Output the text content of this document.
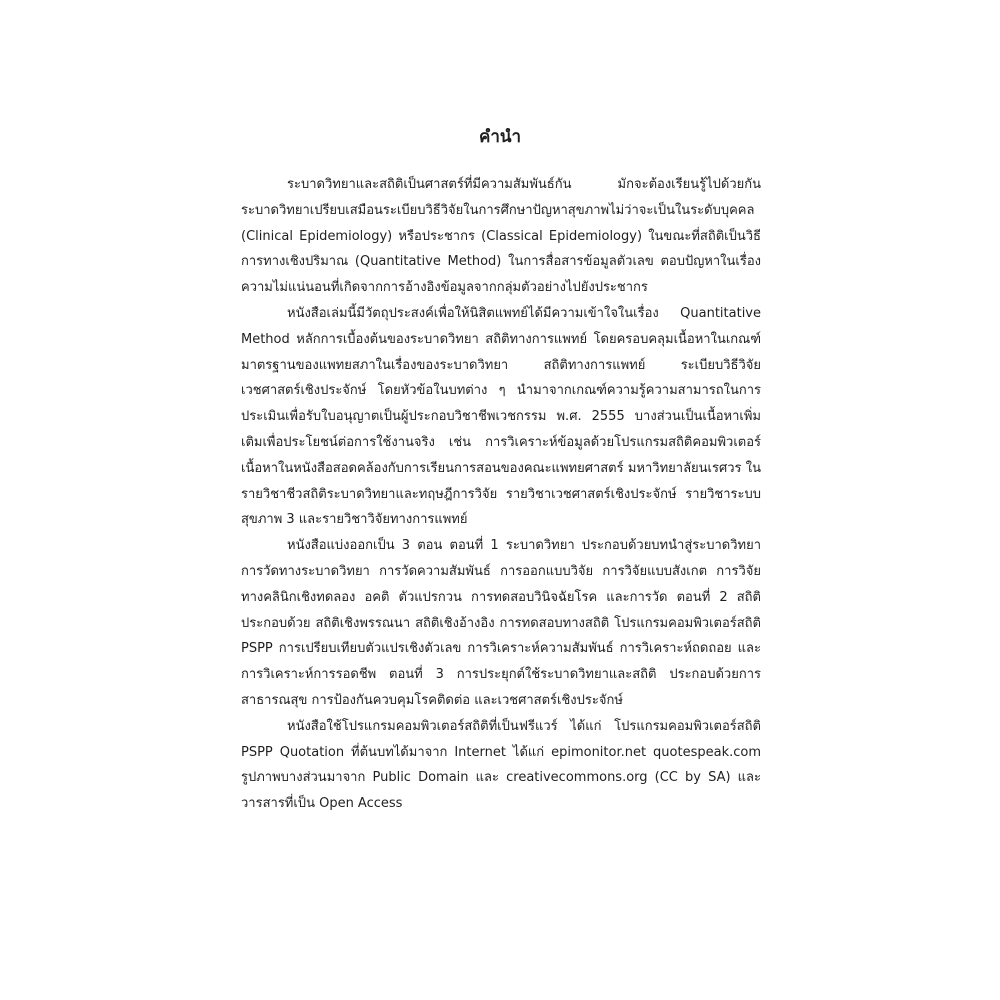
คำนำ

ระบาดวิทยาและสถิติเป็นศาสตร์ที่มีความสัมพันธ์กัน มักจะต้องเรียนรู้ไปด้วยกัน ระบาดวิทยาเปรียบเสมือนระเบียบวิธีวิจัยในการศึกษาปัญหาสุขภาพไม่ว่าจะเป็นในระดับบุคคล (Clinical Epidemiology) หรือประชากร (Classical Epidemiology) ในขณะที่สถิติเป็นวิธีการทางเชิงปริมาณ (Quantitative Method) ในการสื่อสารข้อมูลตัวเลข ตอบปัญหาในเรื่องความไม่แน่นอนที่เกิดจากการอ้างอิงข้อมูลจากกลุ่มตัวอย่างไปยังประชากร

หนังสือเล่มนี้มีวัตถุประสงค์เพื่อให้นิสิตแพทย์ได้มีความเข้าใจในเรื่อง Quantitative Method หลักการเบื้องต้นของระบาดวิทยา สถิติทางการแพทย์ โดยครอบคลุมเนื้อหาในเกณฑ์มาตรฐานของแพทยสภาในเรื่องของระบาดวิทยา สถิติทางการแพทย์ ระเบียบวิธีวิจัย เวชศาสตร์เชิงประจักษ์ โดยหัวข้อในบทต่าง ๆ นำมาจากเกณฑ์ความรู้ความสามารถในการประเมินเพื่อรับใบอนุญาตเป็นผู้ประกอบวิชาชีพเวชกรรม พ.ศ. 2555 บางส่วนเป็นเนื้อหาเพิ่มเติมเพื่อประโยชน์ต่อการใช้งานจริง เช่น การวิเคราะห์ข้อมูลด้วยโปรแกรมสถิติคอมพิวเตอร์ เนื้อหาในหนังสือสอดคล้องกับการเรียนการสอนของคณะแพทยศาสตร์ มหาวิทยาลัยนเรศวร ในรายวิชาชีวสถิติระบาดวิทยาและทฤษฎีการวิจัย รายวิชาเวชศาสตร์เชิงประจักษ์ รายวิชาระบบสุขภาพ 3 และรายวิชาวิจัยทางการแพทย์

หนังสือแบ่งออกเป็น 3 ตอน ตอนที่ 1 ระบาดวิทยา ประกอบด้วยบทนำสู่ระบาดวิทยา การวัดทางระบาดวิทยา การวัดความสัมพันธ์ การออกแบบวิจัย การวิจัยแบบสังเกต การวิจัยทางคลินิกเชิงทดลอง อคติ ตัวแปรกวน การทดสอบวินิจฉัยโรค และการวัด ตอนที่ 2 สถิติ ประกอบด้วย สถิติเชิงพรรณนา สถิติเชิงอ้างอิง การทดสอบทางสถิติ โปรแกรมคอมพิวเตอร์สถิติ PSPP การเปรียบเทียบตัวแปรเชิงตัวเลข การวิเคราะห์ความสัมพันธ์ การวิเคราะห์ถดถอย และการวิเคราะห์การรอดชีพ ตอนที่ 3 การประยุกต์ใช้ระบาดวิทยาและสถิติ ประกอบด้วยการสาธารณสุข การป้องกันควบคุมโรคติดต่อ และเวชศาสตร์เชิงประจักษ์

หนังสือใช้โปรแกรมคอมพิวเตอร์สถิติที่เป็นฟรีแวร์ ได้แก่ โปรแกรมคอมพิวเตอร์สถิติ PSPP Quotation ที่ต้นบทได้มาจาก Internet ได้แก่ epimonitor.net quotespeak.com รูปภาพบางส่วนมาจาก Public Domain และ creativecommons.org (CC by SA) และวารสารที่เป็น Open Access
